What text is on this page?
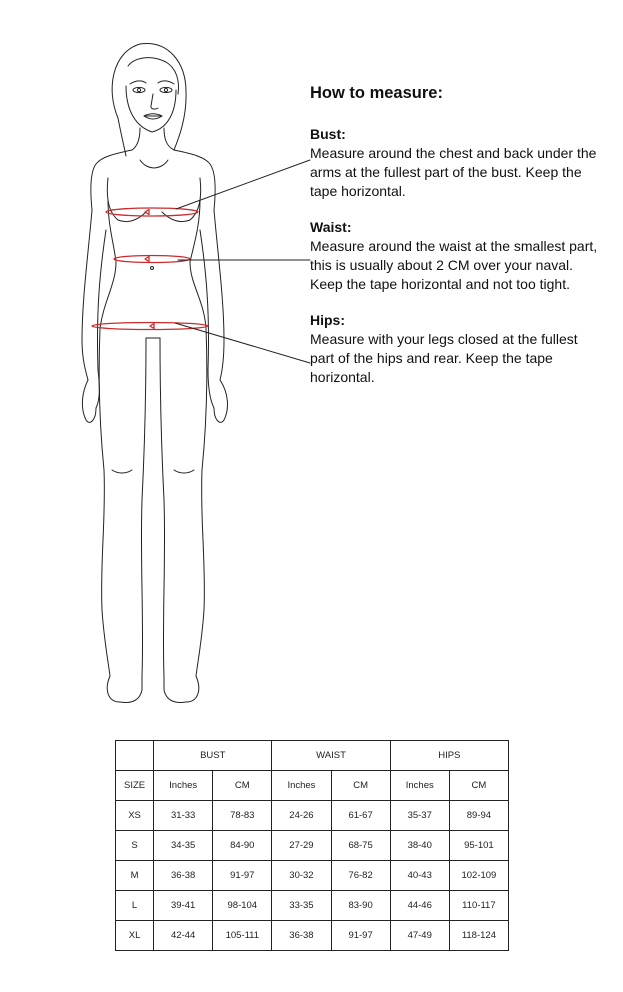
How to measure:

Bust:

Measure around the chest and back under the arms at the fullest part of the bust. Keep the tape horizontal.

Waist:

Measure around the waist at the smallest part, this is usually about 2 CM over your naval. Keep the tape horizontal and not too tight.

Hips:

Measure with your legs closed at the fullest part of the hips and rear. Keep the tape horizontal.

	BUST		WAIST		HIPS	
SIZE	Inches	CM	Inches	CM	Inches	CM
XS	31-33	78-83	24-26	61-67	35-37	89-94
S	34-35	84-90	27-29	68-75	38-40	95-101
M	36-38	91-97	30-32	76-82	40-43	102-109
L	39-41	98-104	33-35	83-90	44-46	110-117
XL	42-44	105-111	36-38	91-97	47-49	118-124
